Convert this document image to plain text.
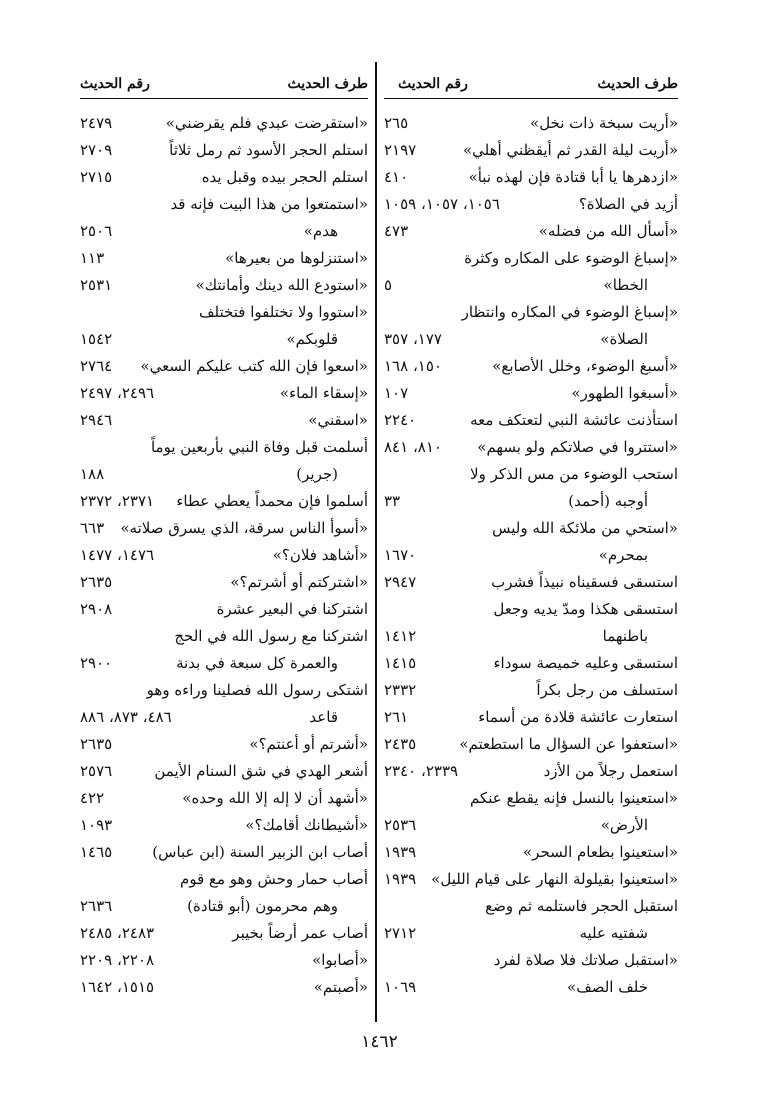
طرف الحديث
رقم الحديث
«أريت سبخة ذات نخل»
٢٦٥
«أريت ليلة القدر ثم أيقظني أهلي»
٢١٩٧
«ازدهرها يا أبا قتادة فإن لهذه نبأ»
٤١٠
أزيد في الصلاة؟
١٠٥٦، ١٠٥٧، ١٠٥٩
«أسأل الله من فضله»
٤٧٣
«إسباغ الوضوء على المكاره وكثرة
الخطا»
٥
«إسباغ الوضوء في المكاره وانتظار
الصلاة»
١٧٧، ٣٥٧
«أسبغ الوضوء، وخلل الأصابع»
١٥٠، ١٦٨
«أسبغوا الطهور»
١٠٧
استأذنت عائشة النبي لتعتكف معه
٢٢٤٠
«استتروا في صلاتكم ولو بسهم»
٨١٠، ٨٤١
استحب الوضوء من مس الذكر ولا
أوجبه (أحمد)
٣٣
«استحي من ملائكة الله وليس
بمحرم»
١٦٧٠
استسقى فسقيناه نبيذاً فشرب
٢٩٤٧
استسقى هكذا ومدّ يديه وجعل
باطنهما
١٤١٢
استسقى وعليه خميصة سوداء
١٤١٥
استسلف من رجل بكراً
٢٣٣٢
استعارت عائشة قلادة من أسماء
٢٦١
«استعفوا عن السؤال ما استطعتم»
٢٤٣٥
استعمل رجلاً من الأزد
٢٣٣٩، ٢٣٤٠
«استعينوا بالنسل فإنه يقطع عنكم
الأرض»
٢٥٣٦
«استعينوا بطعام السحر»
١٩٣٩
«استعينوا بقيلولة النهار على قيام الليل»
١٩٣٩
استقبل الحجر فاستلمه ثم وضع
شفتيه عليه
٢٧١٢
«استقبل صلاتك فلا صلاة لفرد
خلف الصف»
١٠٦٩
طرف الحديث
رقم الحديث
«استقرضت عبدي فلم يقرضني»
٢٤٧٩
استلم الحجر الأسود ثم رمل ثلاثاً
٢٧٠٩
استلم الحجر بيده وقبل يده
٢٧١٥
«استمتعوا من هذا البيت فإنه قد
هدم»
٢٥٠٦
«استنزلوها من بعيرها»
١١٣
«استودع الله دينك وأمانتك»
٢٥٣١
«استووا ولا تختلفوا فتختلف
قلوبكم»
١٥٤٢
«اسعوا فإن الله كتب عليكم السعي»
٢٧٦٤
«إسقاء الماء»
٢٤٩٦، ٢٤٩٧
«اسقني»
٢٩٤٦
أسلمت قبل وفاة النبي بأربعين يوماً
(جرير)
١٨٨
أسلموا فإن محمداً يعطي عطاء
٢٣٧١، ٢٣٧٢
«أسوأ الناس سرقة، الذي يسرق صلاته»
٦٦٣
«أشاهد فلان؟»
١٤٧٦، ١٤٧٧
«اشتركتم أو أشرتم؟»
٢٦٣٥
اشتركنا في البعير عشرة
٢٩٠٨
اشتركنا مع رسول الله في الحج
والعمرة كل سبعة في بدنة
٢٩٠٠
اشتكى رسول الله فصلينا وراءه وهو
قاعد
٤٨٦، ٨٧٣، ٨٨٦
«أشرتم أو أعنتم؟»
٢٦٣٥
أشعر الهدي في شق السنام الأيمن
٢٥٧٦
«أشهد أن لا إله إلا الله وحده»
٤٢٢
«أشيطانك أقامك؟»
١٠٩٣
أصاب ابن الزبير السنة (ابن عباس)
١٤٦٥
أصاب حمار وحش وهو مع قوم
وهم محرمون (أبو قتادة)
٢٦٣٦
أصاب عمر أرضاً بخيبر
٢٤٨٣، ٢٤٨٥
«أصابوا»
٢٢٠٨، ٢٢٠٩
«أصبتم»
١٥١٥، ١٦٤٢
١٤٦٢
